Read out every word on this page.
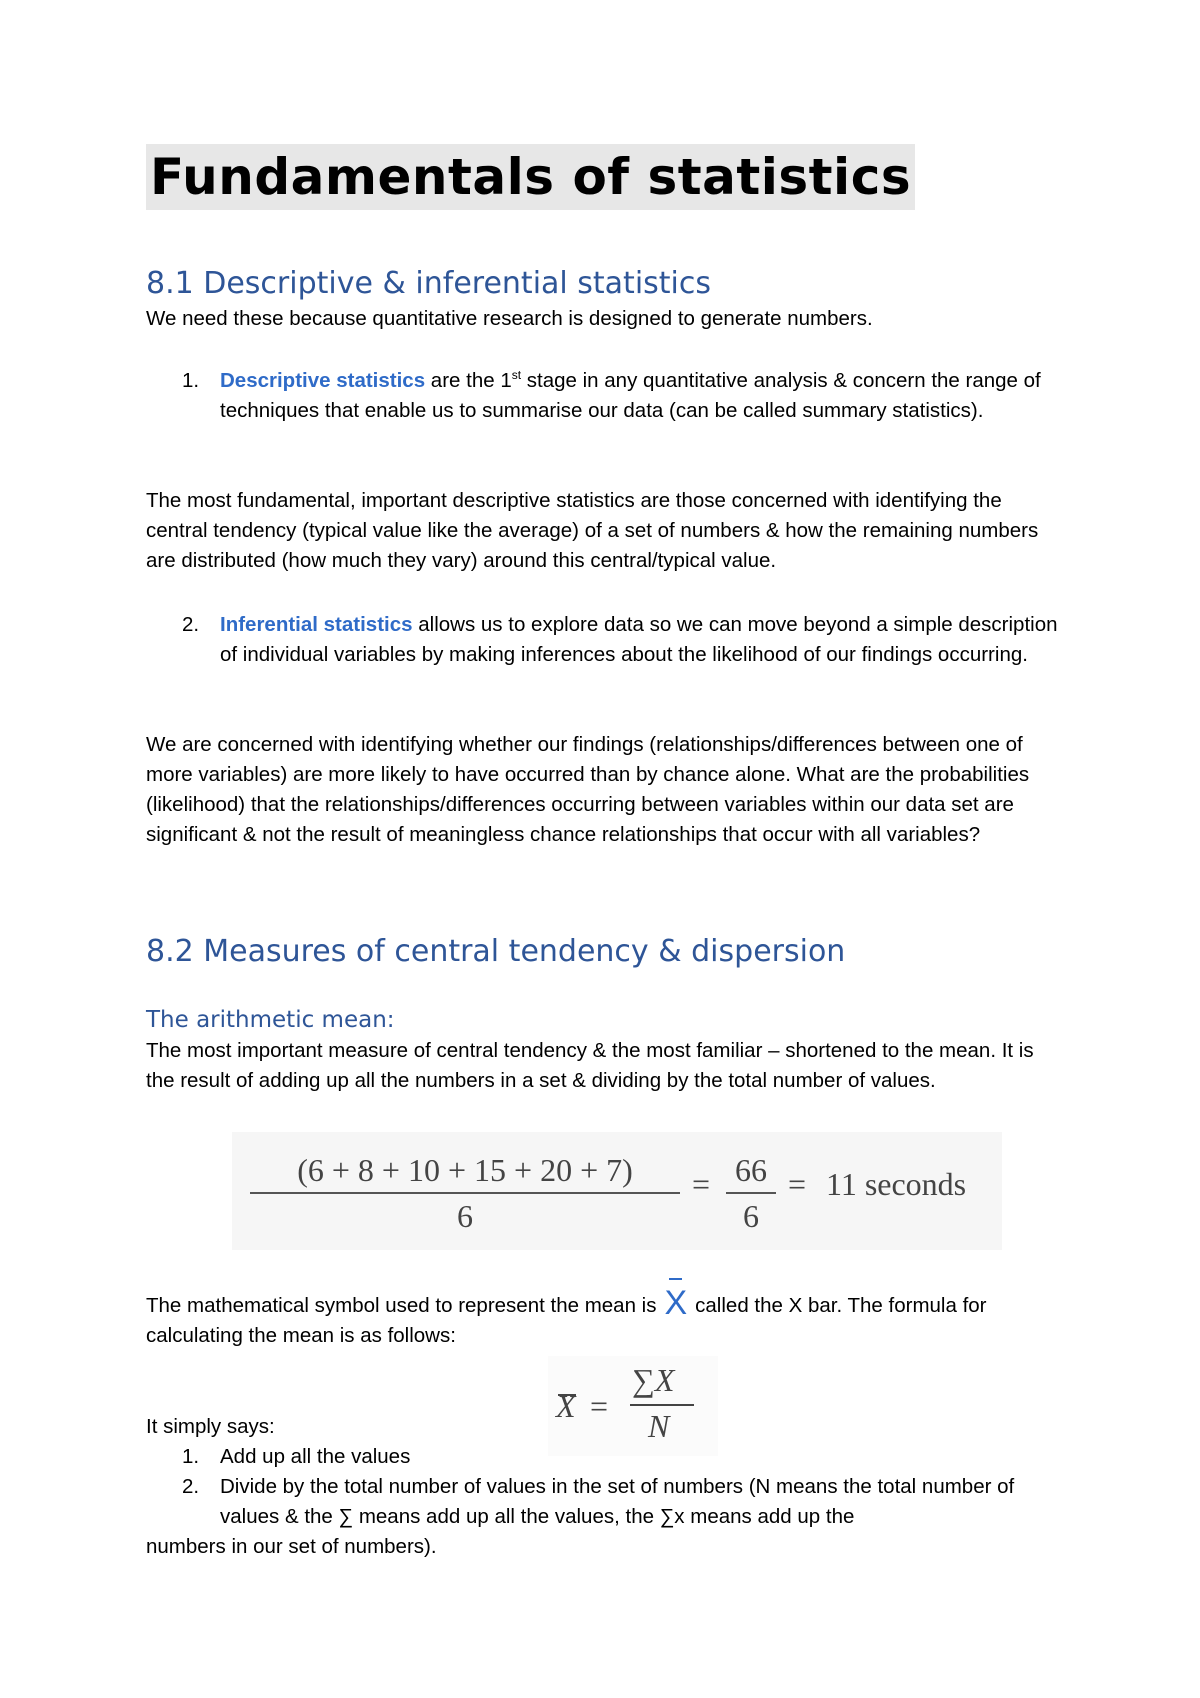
Fundamentals of statistics
8.1 Descriptive & inferential statistics
We need these because quantitative research is designed to generate numbers.
1. Descriptive statistics are the 1st stage in any quantitative analysis & concern the range of techniques that enable us to summarise our data (can be called summary statistics).
The most fundamental, important descriptive statistics are those concerned with identifying the central tendency (typical value like the average) of a set of numbers & how the remaining numbers are distributed (how much they vary) around this central/typical value.
2. Inferential statistics allows us to explore data so we can move beyond a simple description of individual variables by making inferences about the likelihood of our findings occurring.
We are concerned with identifying whether our findings (relationships/differences between one of more variables) are more likely to have occurred than by chance alone. What are the probabilities (likelihood) that the relationships/differences occurring between variables within our data set are significant & not the result of meaningless chance relationships that occur with all variables?
8.2 Measures of central tendency & dispersion
The arithmetic mean:
The most important measure of central tendency & the most familiar – shortened to the mean. It is the result of adding up all the numbers in a set & dividing by the total number of values.
(6 + 8 + 10 + 15 + 20 + 7)
6
= 66
6
= 11 seconds
The mathematical symbol used to represent the mean is X called the X bar. The formula for calculating the mean is as follows:
X =
∑X
N
It simply says:
1. Add up all the values
2. Divide by the total number of values in the set of numbers (N means the total number of values & the ∑ means add up all the values, the ∑x means add up the
numbers in our set of numbers).
